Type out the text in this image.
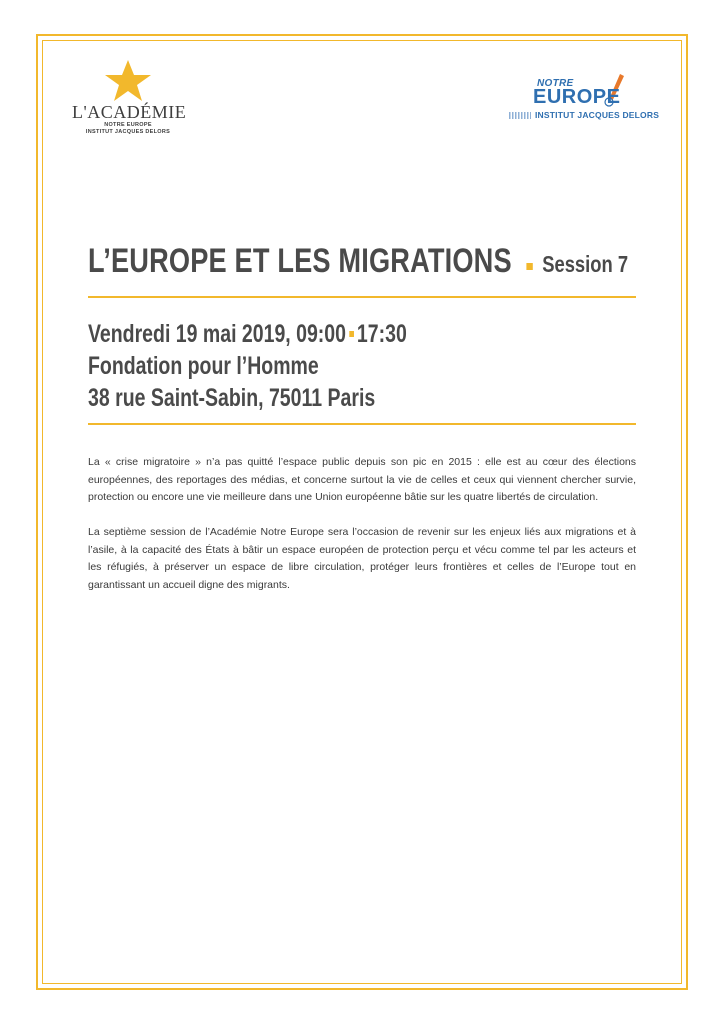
L'ACADÉMIE
NOTRE EUROPE
INSTITUT JACQUES DELORS
NOTRE
EUROPE
INSTITUT JACQUES DELORS
L’EUROPE ET LES MIGRATIONS Session 7
Vendredi 19 mai 2019, 09:00 17:30
Fondation pour l’Homme
38 rue Saint-Sabin, 75011 Paris
La « crise migratoire » n’a pas quitté l’espace public depuis son pic en 2015 : elle est au cœur des élections européennes, des reportages des médias, et concerne surtout la vie de celles et ceux qui viennent chercher survie, protection ou encore une vie meilleure dans une Union européenne bâtie sur les quatre libertés de circulation.
La septième session de l’Académie Notre Europe sera l’occasion de revenir sur les enjeux liés aux migrations et à l’asile, à la capacité des États à bâtir un espace européen de protection perçu et vécu comme tel par les acteurs et les réfugiés, à préserver un espace de libre circulation, protéger leurs frontières et celles de l’Europe tout en garantissant un accueil digne des migrants.
